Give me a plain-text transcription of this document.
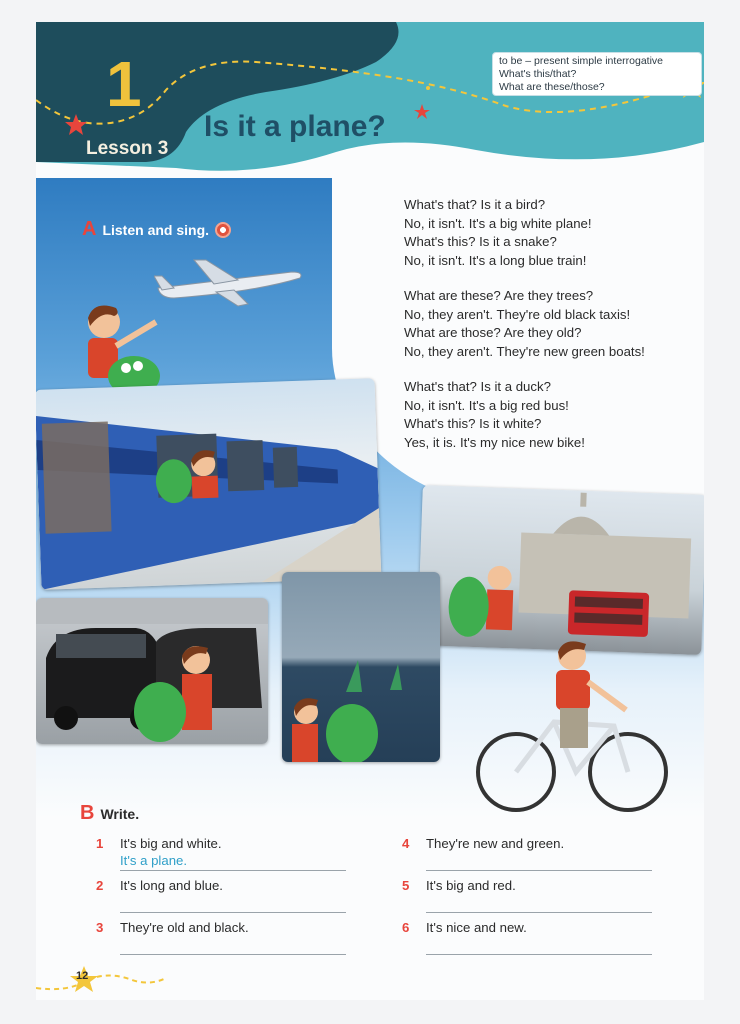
1
Lesson 3
Is it a plane?
to be – present simple interrogative
What's this/that?
What are these/those?
A Listen and sing.
What's that? Is it a bird?
No, it isn't. It's a big white plane!
What's this? Is it a snake?
No, it isn't. It's a long blue train!
What are these? Are they trees?
No, they aren't. They're old black taxis!
What are those? Are they old?
No, they aren't. They're new green boats!
What's that? Is it a duck?
No, it isn't. It's a big red bus!
What's this? Is it white?
Yes, it is. It's my nice new bike!
B Write.
1 It's big and white.
It's a plane.
2 It's long and blue.
3 They're old and black.
4 They're new and green.
5 It's big and red.
6 It's nice and new.
12
